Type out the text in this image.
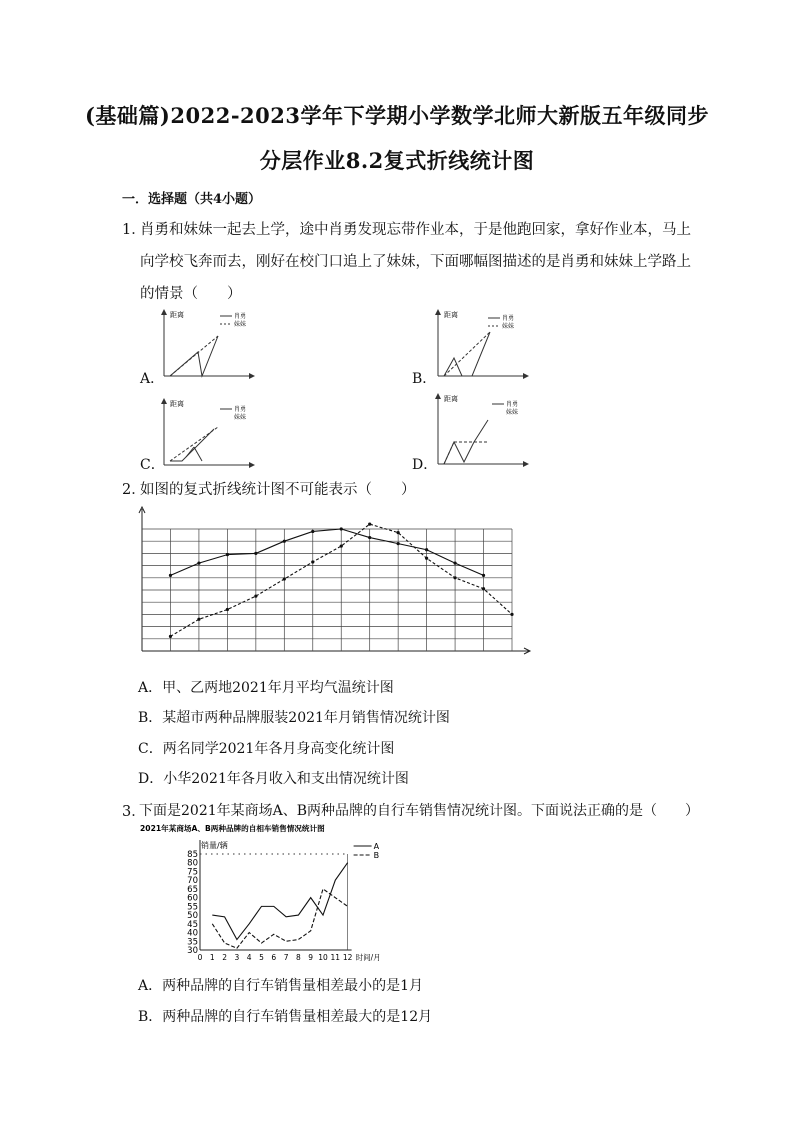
(基础篇)2022-2023学年下学期小学数学北师大新版五年级同步
分层作业8.2复式折线统计图
一．选择题（共4小题）
1．
肖勇和妹妹一起去上学，途中肖勇发现忘带作业本，于是他跑回家，拿好作业本，马上
向学校飞奔而去，刚好在校门口追上了妹妹，下面哪幅图描述的是肖勇和妹妹上学路上
的情景（　　）
A．	B．
C．	D．
距离	肖勇
妹妹
距离	肖勇
妹妹
距离
肖勇
妹妹
距离
肖勇
妹妹
2．
如图的复式折线统计图不可能表示（　　）
A．甲、乙两地2021年月平均气温统计图
B．某超市两种品牌服装2021年月销售情况统计图
C．两名同学2021年各月身高变化统计图
D．小华2021年各月收入和支出情况统计图
3．
下面是2021年某商场A、B两种品牌的自行车销售情况统计图。下面说法正确的是（　　）
2021年某商场A、B两种品牌的自相车销售情况统计图
销量/辆
30
35
40
45
50
55
60
65
70
75
80
85
0 1 2 3 4 5 6 7 8 9 10 11 12 时间/月
A
B
A．两种品牌的自行车销售量相差最小的是1月
B．两种品牌的自行车销售量相差最大的是12月
